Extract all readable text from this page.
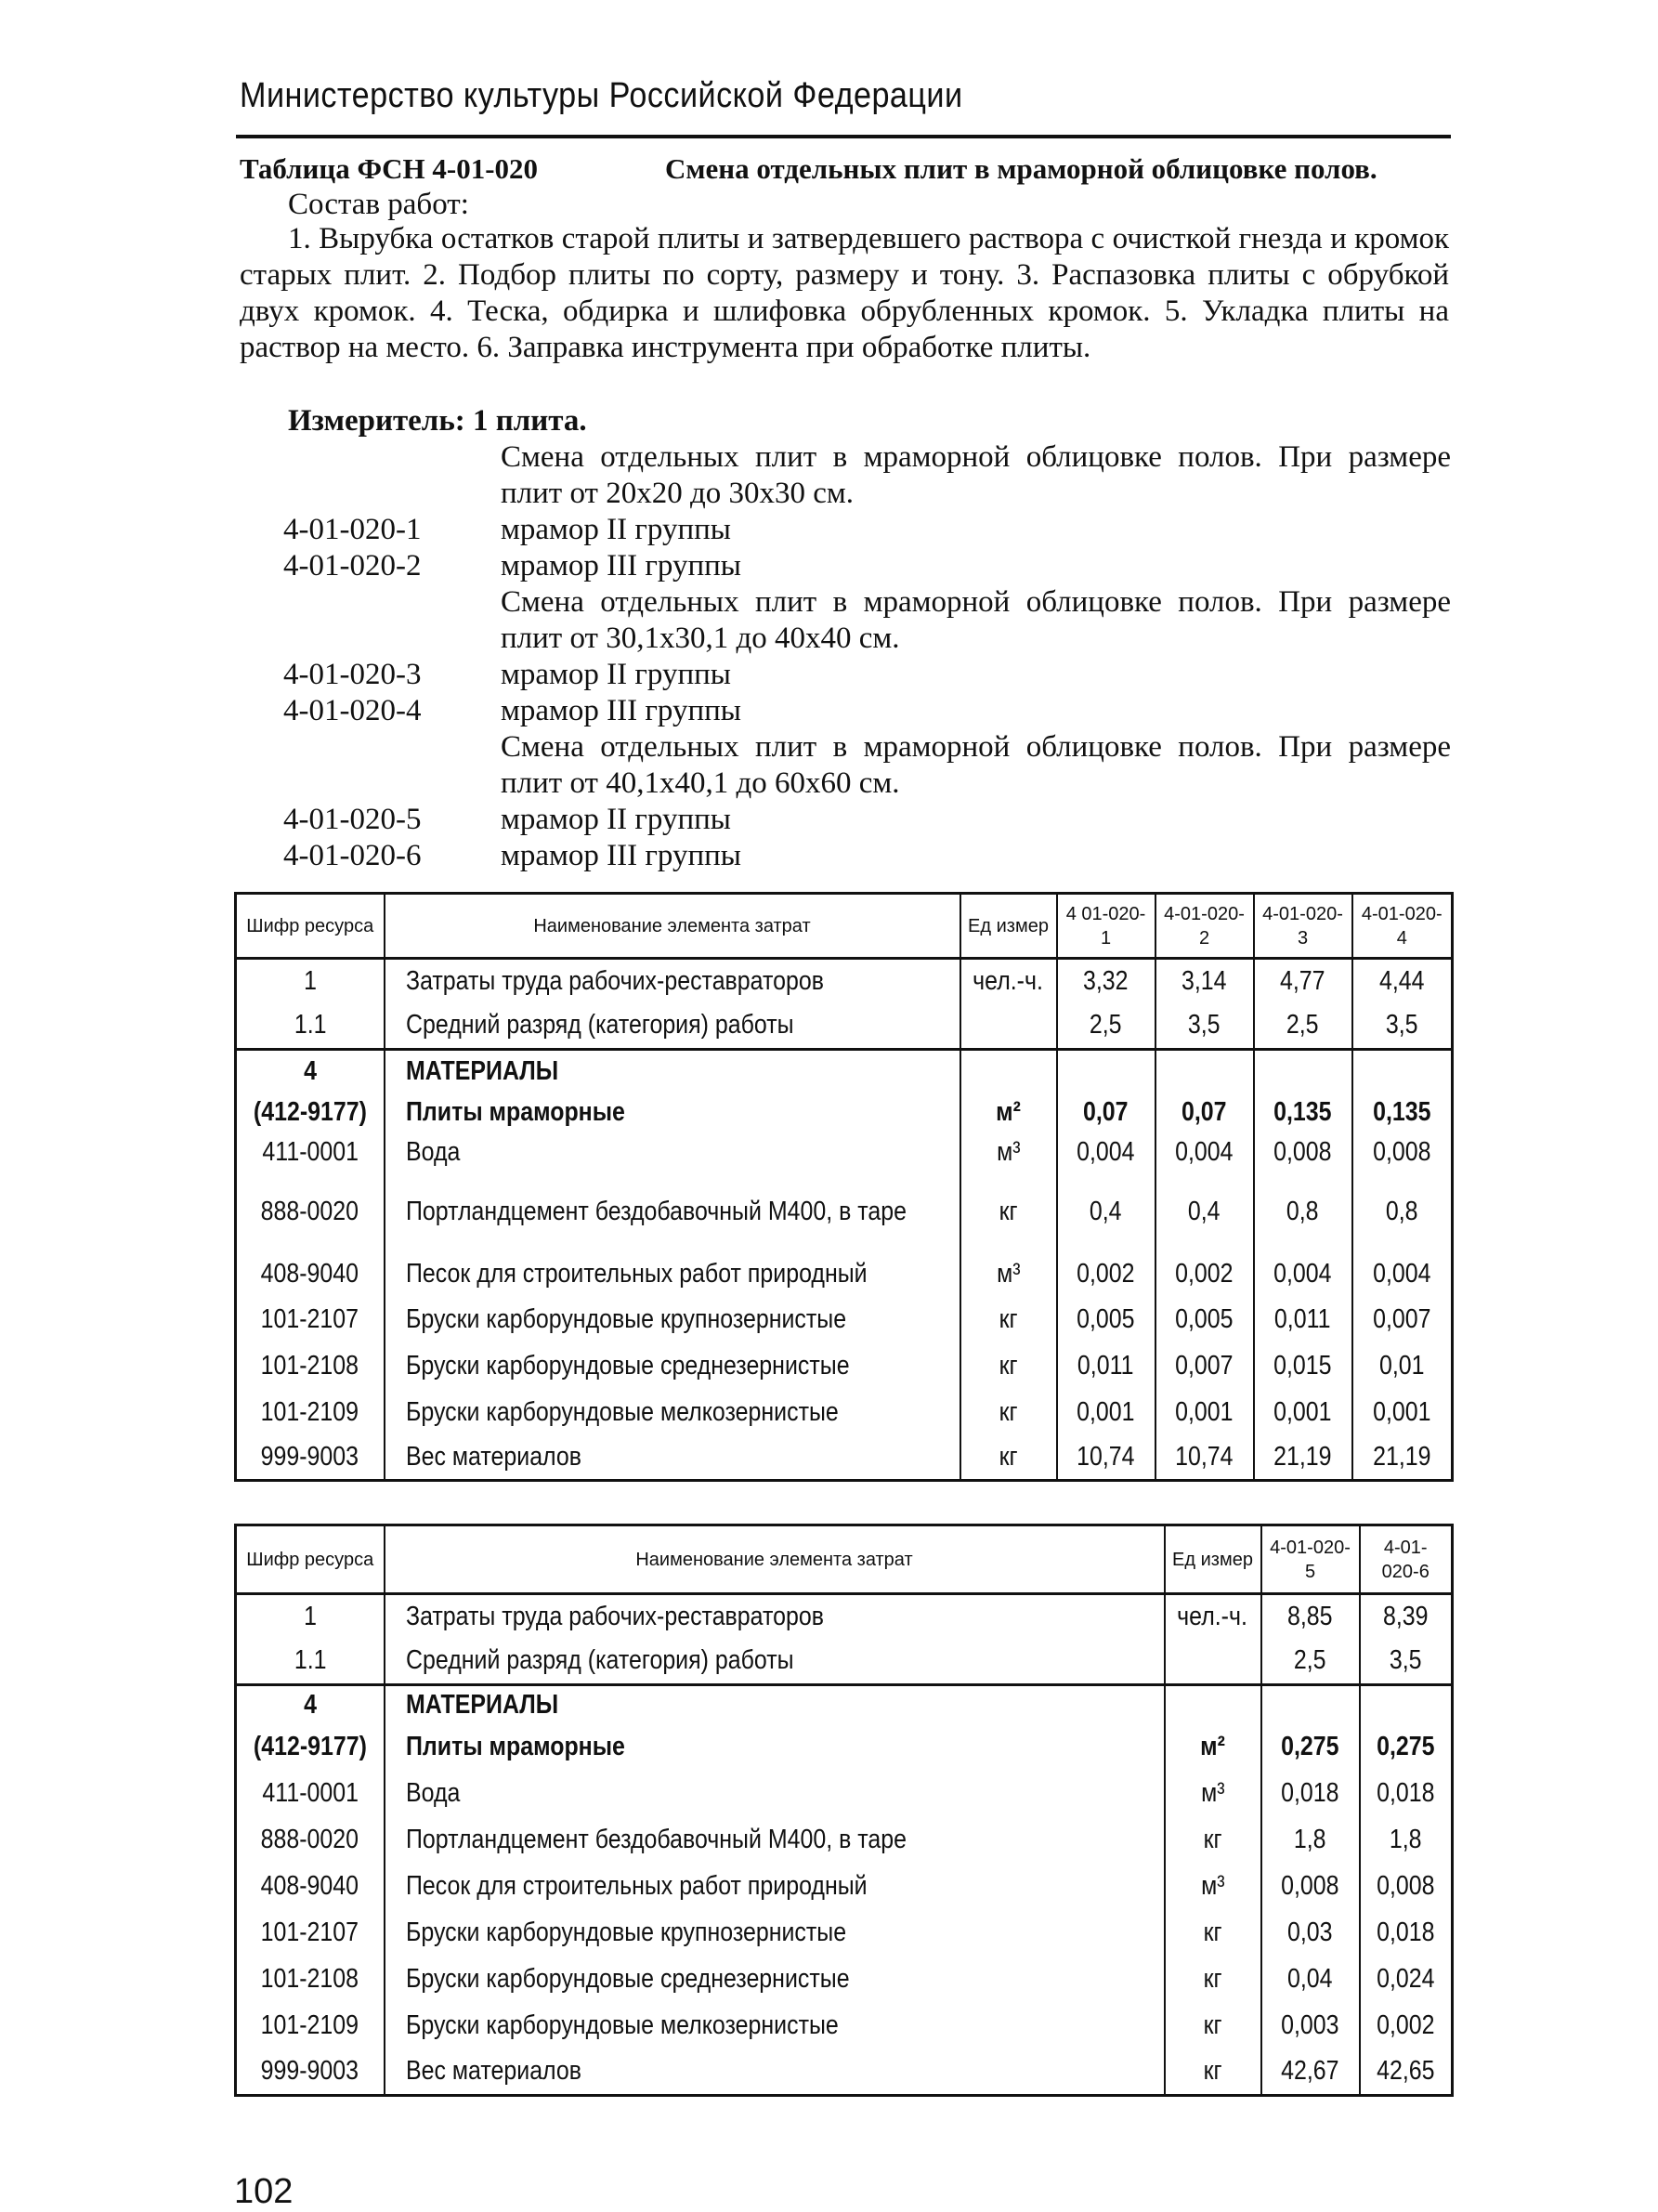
Министерство культуры Российской Федерации
Таблица ФСН 4-01-020	Смена отдельных плит в мраморной облицовке полов.
Состав работ:
1. Вырубка остатков старой плиты и затвердевшего раствора с очисткой гнезда и кромок старых плит. 2. Подбор плиты по сорту, размеру и тону. 3. Распазовка плиты с обрубкой двух кромок. 4. Теска, обдирка и шлифовка обрубленных кромок. 5. Укладка плиты на раствор на место. 6. Заправка инструмента при обработке плиты.
Измеритель: 1 плита.
Смена отдельных плит в мраморной облицовке полов. При размере плит от 20x20 до 30x30 см.
4-01-020-1	мрамор II группы
4-01-020-2	мрамор III группы
Смена отдельных плит в мраморной облицовке полов. При размере плит от 30,1x30,1 до 40x40 см.
4-01-020-3	мрамор II группы
4-01-020-4	мрамор III группы
Смена отдельных плит в мраморной облицовке полов. При размере плит от 40,1x40,1 до 60x60 см.
4-01-020-5	мрамор II группы
4-01-020-6	мрамор III группы
Шифр ресурса	Наименование элемента затрат	Ед измер	4 01-020-1	4-01-020-2	4-01-020-3	4-01-020-4
1	Затраты труда рабочих-реставраторов	чел.-ч.	3,32	3,14	4,77	4,44
1.1	Средний разряд (категория) работы		2,5	3,5	2,5	3,5
4	МАТЕРИАЛЫ					
(412-9177)	Плиты мраморные	м²	0,07	0,07	0,135	0,135
411-0001	Вода	м³	0,004	0,004	0,008	0,008
888-0020	Портландцемент бездобавочный М400, в таре	кг	0,4	0,4	0,8	0,8
408-9040	Песок для строительных работ природный	м³	0,002	0,002	0,004	0,004
101-2107	Бруски карборундовые крупнозернистые	кг	0,005	0,005	0,011	0,007
101-2108	Бруски карборундовые среднезернистые	кг	0,011	0,007	0,015	0,01
101-2109	Бруски карборундовые мелкозернистые	кг	0,001	0,001	0,001	0,001
999-9003	Вес материалов	кг	10,74	10,74	21,19	21,19
Шифр ресурса	Наименование элемента затрат	Ед измер	4-01-020-5	4-01-020-6
1	Затраты труда рабочих-реставраторов	чел.-ч.	8,85	8,39
1.1	Средний разряд (категория) работы		2,5	3,5
4	МАТЕРИАЛЫ			
(412-9177)	Плиты мраморные	м²	0,275	0,275
411-0001	Вода	м³	0,018	0,018
888-0020	Портландцемент бездобавочный М400, в таре	кг	1,8	1,8
408-9040	Песок для строительных работ природный	м³	0,008	0,008
101-2107	Бруски карборундовые крупнозернистые	кг	0,03	0,018
101-2108	Бруски карборундовые среднезернистые	кг	0,04	0,024
101-2109	Бруски карборундовые мелкозернистые	кг	0,003	0,002
999-9003	Вес материалов	кг	42,67	42,65
102
